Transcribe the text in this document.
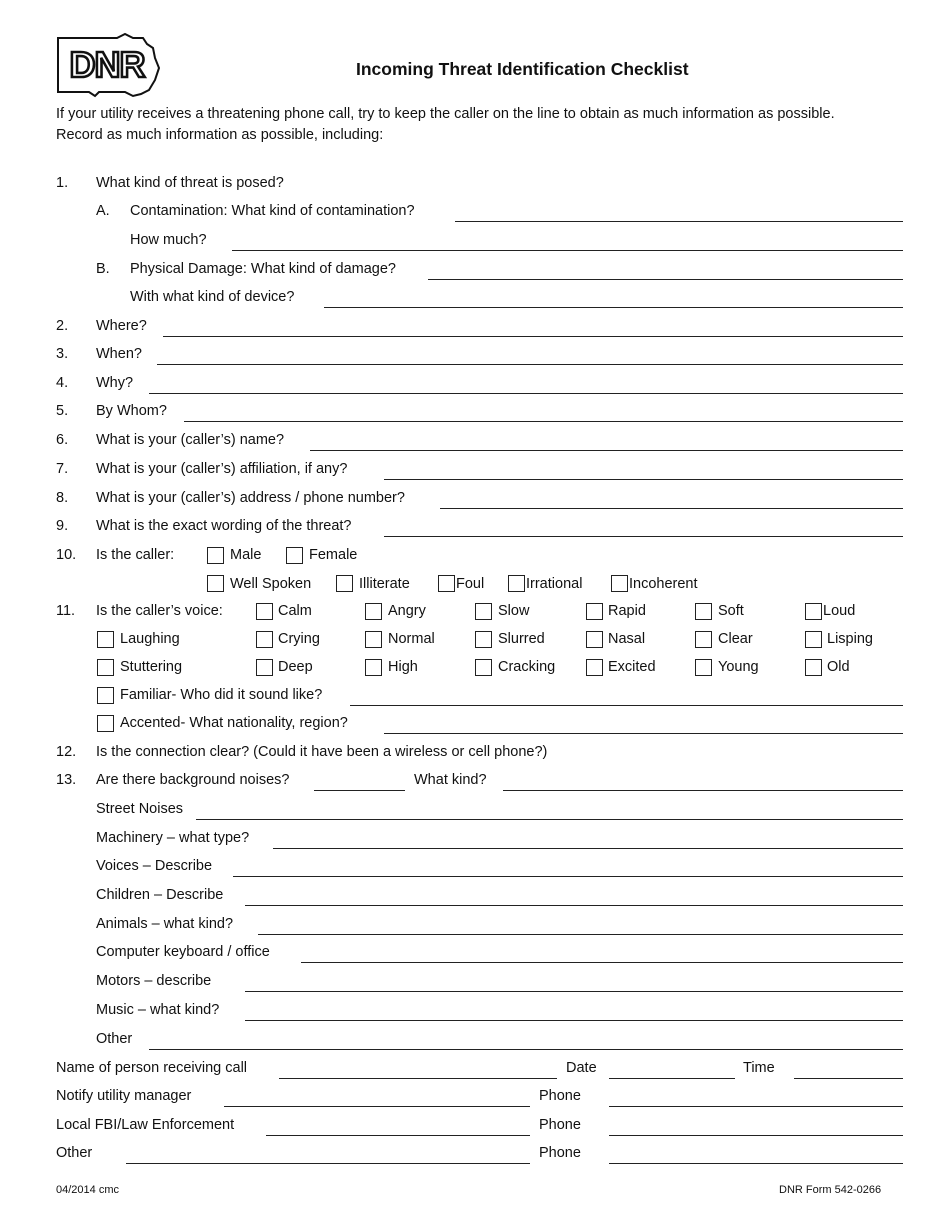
DNR	Incoming Threat Identification Checklist
If your utility receives a threatening phone call, try to keep the caller on the line to obtain as much information as possible. Record as much information as possible, including:
1. What kind of threat is posed?
A. Contamination: What kind of contamination?
How much?
B. Physical Damage: What kind of damage?
With what kind of device?
2. Where?
3. When?
4. Why?
5. By Whom?
6. What is your (caller’s) name?
7. What is your (caller’s) affiliation, if any?
8. What is your (caller’s) address / phone number?
9. What is the exact wording of the threat?
10. Is the caller:	Male	Female
Well Spoken	Illiterate	Foul	Irrational	Incoherent
11. Is the caller’s voice:	Calm	Angry	Slow	Rapid	Soft	Loud
Laughing	Crying	Normal	Slurred	Nasal	Clear	Lisping
Stuttering	Deep	High	Cracking	Excited	Young	Old
Familiar- Who did it sound like?
Accented- What nationality, region?
12. Is the connection clear? (Could it have been a wireless or cell phone?)
13. Are there background noises?	What kind?
Street Noises
Machinery – what type?
Voices – Describe
Children – Describe
Animals – what kind?
Computer keyboard / office
Motors – describe
Music – what kind?
Other
Name of person receiving call	Date	Time
Notify utility manager	Phone
Local FBI/Law Enforcement	Phone
Other	Phone
04/2014 cmc	DNR Form 542-0266
